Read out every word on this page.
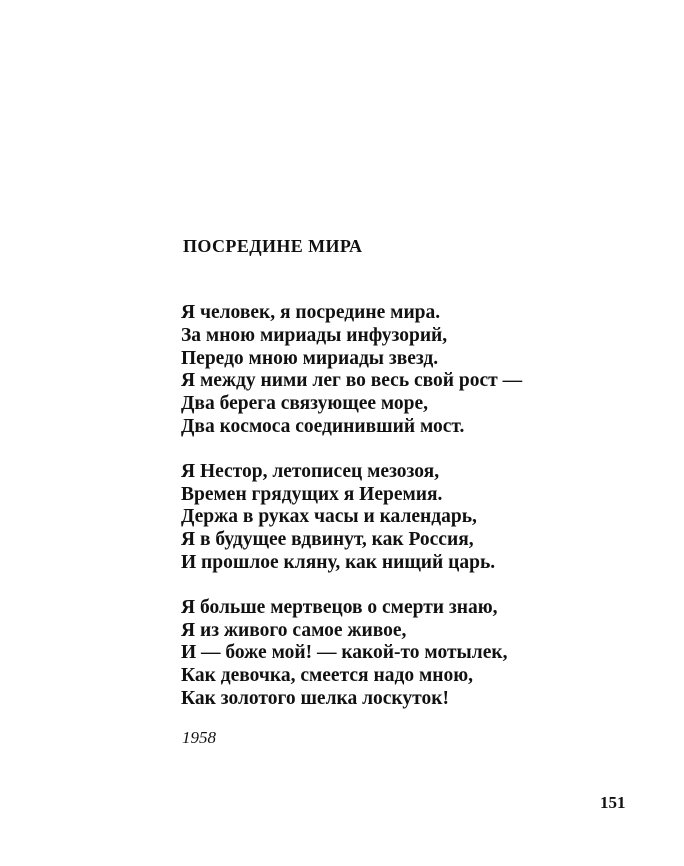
ПОСРЕДИНЕ МИРА
Я человек, я посредине мира.
За мною мириады инфузорий,
Передо мною мириады звезд.
Я между ними лег во весь свой рост —
Два берега связующее море,
Два космоса соединивший мост.
Я Нестор, летописец мезозоя,
Времен грядущих я Иеремия.
Держа в руках часы и календарь,
Я в будущее вдвинут, как Россия,
И прошлое кляну, как нищий царь.
Я больше мертвецов о смерти знаю,
Я из живого самое живое,
И — боже мой! — какой-то мотылек,
Как девочка, смеется надо мною,
Как золотого шелка лоскуток!
1958
151
